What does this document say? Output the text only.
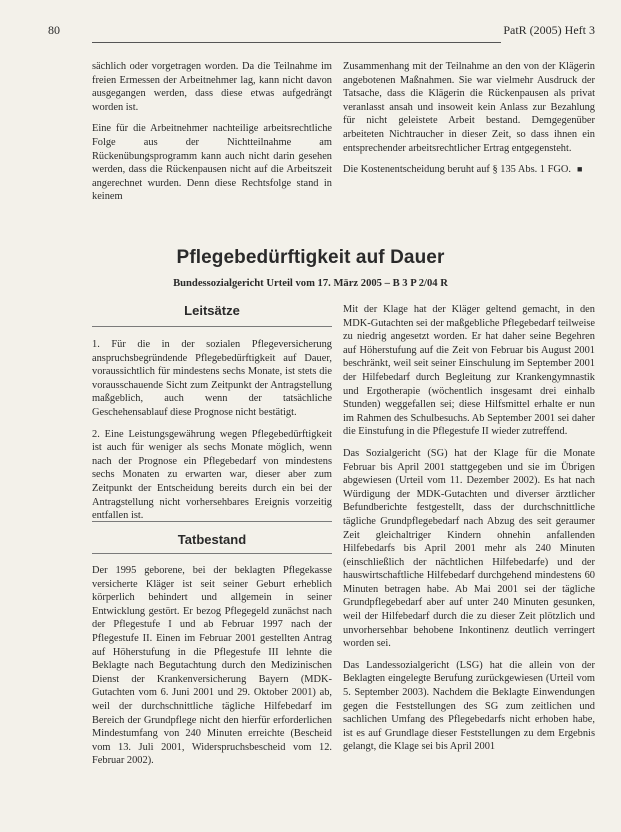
80	PatR (2005) Heft 3

sächlich oder vorgetragen worden. Da die Teilnahme im freien Ermessen der Arbeitnehmer lag, kann nicht davon ausgegangen werden, dass diese etwas aufgedrängt worden ist.

Eine für die Arbeitnehmer nachteilige arbeitsrechtliche Folge aus der Nichtteilnahme am Rückenübungsprogramm kann auch nicht darin gesehen werden, dass die Rückenpausen nicht auf die Arbeitszeit angerechnet wurden. Denn diese Rechtsfolge stand in keinem

Zusammenhang mit der Teilnahme an den von der Klägerin angebotenen Maßnahmen. Sie war vielmehr Ausdruck der Tatsache, dass die Klägerin die Rückenpausen als privat veranlasst ansah und insoweit kein Anlass zur Bezahlung für nicht geleistete Arbeit bestand. Demgegenüber arbeiteten Nichtraucher in dieser Zeit, so dass ihnen ein entsprechender arbeitsrechtlicher Ertrag entgegensteht.

Die Kostenentscheidung beruht auf § 135 Abs. 1 FGO. ■

Pflegebedürftigkeit auf Dauer
Bundessozialgericht Urteil vom 17. März 2005 – B 3 P 2/04 R
Leitsätze

1. Für die in der sozialen Pflegeversicherung anspruchsbegründende Pflegebedürftigkeit auf Dauer, voraussichtlich für mindestens sechs Monate, ist stets die vorausschauende Sicht zum Zeitpunkt der Antragstellung maßgeblich, auch wenn der tatsächliche Geschehensablauf diese Prognose nicht bestätigt.

2. Eine Leistungsgewährung wegen Pflegebedürftigkeit ist auch für weniger als sechs Monate möglich, wenn nach der Prognose ein Pflegebedarf von mindestens sechs Monaten zu erwarten war, dieser aber zum Zeitpunkt der Entscheidung bereits durch ein bei der Antragstellung nicht vorhersehbares Ereignis vorzeitig entfallen ist.

Tatbestand

Der 1995 geborene, bei der beklagten Pflegekasse versicherte Kläger ist seit seiner Geburt erheblich körperlich behindert und allgemein in seiner Entwicklung gestört. Er bezog Pflegegeld zunächst nach der Pflegestufe I und ab Februar 1997 nach der Pflegestufe II. Einen im Februar 2001 gestellten Antrag auf Höherstufung in die Pflegestufe III lehnte die Beklagte nach Begutachtung durch den Medizinischen Dienst der Krankenversicherung Bayern (MDK-Gutachten vom 6. Juni 2001 und 29. Oktober 2001) ab, weil der durchschnittliche tägliche Hilfebedarf im Bereich der Grundpflege nicht den hierfür erforderlichen Mindestumfang von 240 Minuten erreichte (Bescheid vom 13. Juli 2001, Widerspruchsbescheid vom 12. Februar 2002).

Mit der Klage hat der Kläger geltend gemacht, in den MDK-Gutachten sei der maßgebliche Pflegebedarf teilweise zu niedrig angesetzt worden. Er hat daher seine Begehren auf Höherstufung auf die Zeit von Februar bis August 2001 beschränkt, weil seit seiner Einschulung im September 2001 der Hilfebedarf durch Begleitung zur Krankengymnastik und Ergotherapie (wöchentlich insgesamt drei einhalb Stunden) weggefallen sei; diese Hilfsmittel erhalte er nun im Rahmen des Schulbesuchs. Ab September 2001 sei daher die Einstufung in die Pflegestufe II wieder zutreffend.

Das Sozialgericht (SG) hat der Klage für die Monate Februar bis April 2001 stattgegeben und sie im Übrigen abgewiesen (Urteil vom 11. Dezember 2002). Es hat nach Würdigung der MDK-Gutachten und diverser ärztlicher Befundberichte festgestellt, dass der durchschnittliche tägliche Grundpflegebedarf nach Abzug des seit geraumer Zeit gleichaltriger Kindern ohnehin anfallenden Hilfebedarfs bis April 2001 mehr als 240 Minuten (einschließlich der nächtlichen Hilfebedarfe) und der hauswirtschaftliche Hilfebedarf durchgehend mindestens 60 Minuten betragen habe. Ab Mai 2001 sei der tägliche Grundpflegebedarf aber auf unter 240 Minuten gesunken, weil der Hilfebedarf durch die zu dieser Zeit plötzlich und unvorhersehbar behobene Inkontinenz deutlich verringert worden sei.

Das Landessozialgericht (LSG) hat die allein von der Beklagten eingelegte Berufung zurückgewiesen (Urteil vom 5. September 2003). Nachdem die Beklagte Einwendungen gegen die Feststellungen des SG zum zeitlichen und sachlichen Umfang des Pflegebedarfs nicht erhoben habe, ist es auf Grundlage dieser Feststellungen zu dem Ergebnis gelangt, die Klage sei bis April 2001
